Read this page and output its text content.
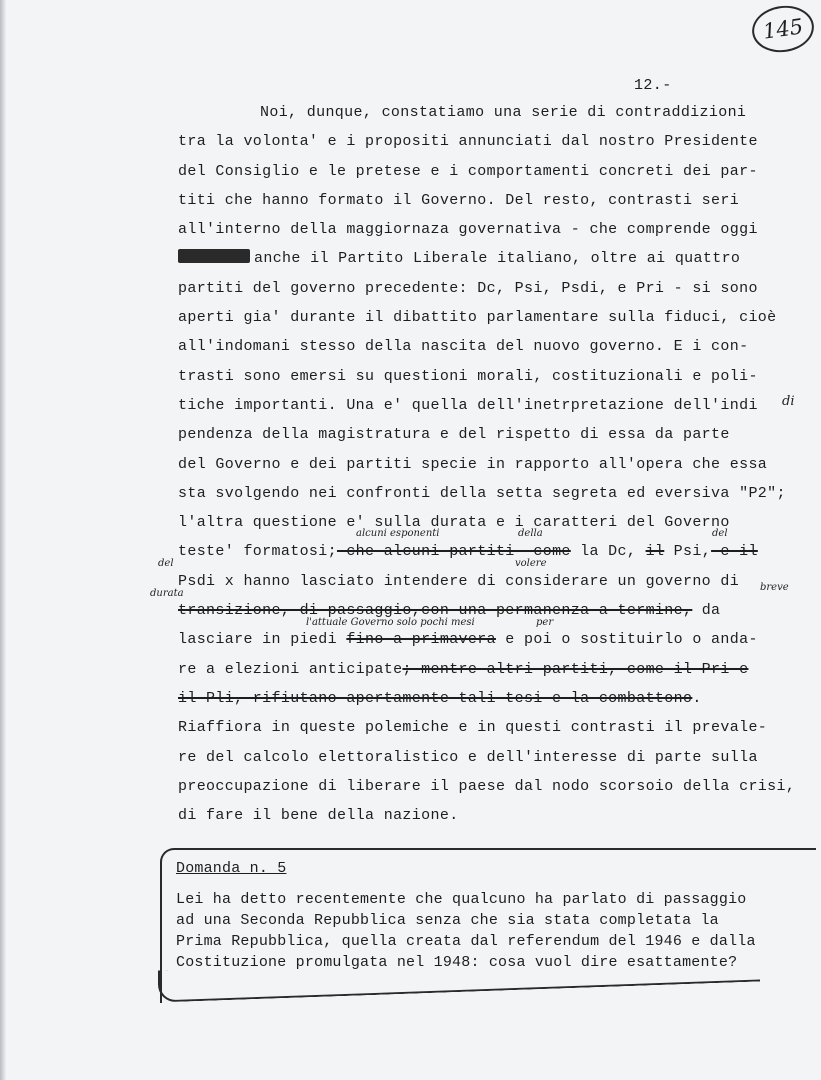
145
12.-
Noi, dunque, constatiamo una serie di contraddizioni
tra la volonta' e i propositi annunciati dal nostro Presidente
del Consiglio e le pretese e i comportamenti concreti dei par-
titi che hanno formato il Governo. Del resto, contrasti seri
all'interno della maggiornaza governativa - che comprende oggi
anche il Partito Liberale italiano, oltre ai quattro
partiti del governo precedente: Dc, Psi, Psdi, e Pri - si sono
aperti gia' durante il dibattito parlamentare sulla fiduci, cioè
all'indomani stesso della nascita del nuovo governo. E i con-
trasti sono emersi su questioni morali, costituzionali e poli-
tiche importanti. Una e' quella dell'inetrpretazione dell'indi
pendenza della magistratura e del rispetto di essa da parte
del Governo e dei partiti specie in rapporto all'opera che essa
sta svolgendo nei confronti della setta segreta ed eversiva "P2";
l'altra questione e' sulla durata e i caratteri del Governo
teste' formatosi; che alcuni partiti -come la Dc, il Psi, e il
Psdi x hanno lasciato intendere di considerare un governo di
transizione, di passaggio,con una permanenza a termine, da
lasciare in piedi fino a primavera e poi o sostituirlo o anda-
re a elezioni anticipate; mentre altri partiti, come il Pri e
il Pli, rifiutano apertamente tali tesi e la combattono.
Riaffiora in queste polemiche e in questi contrasti il prevale-
re del calcolo elettoralistico e dell'interesse di parte sulla
preoccupazione di liberare il paese dal nodo scorsoio della crisi,
di fare il bene della nazione.
alcuni esponenti	della	del
volere
breve
del
durata
l'attuale Governo solo pochi mesi	per
di
Domanda n. 5
Lei ha detto recentemente che qualcuno ha parlato di passaggio
ad una Seconda Repubblica senza che sia stata completata la
Prima Repubblica, quella creata dal referendum del 1946 e dalla
Costituzione promulgata nel 1948: cosa vuol dire esattamente?
